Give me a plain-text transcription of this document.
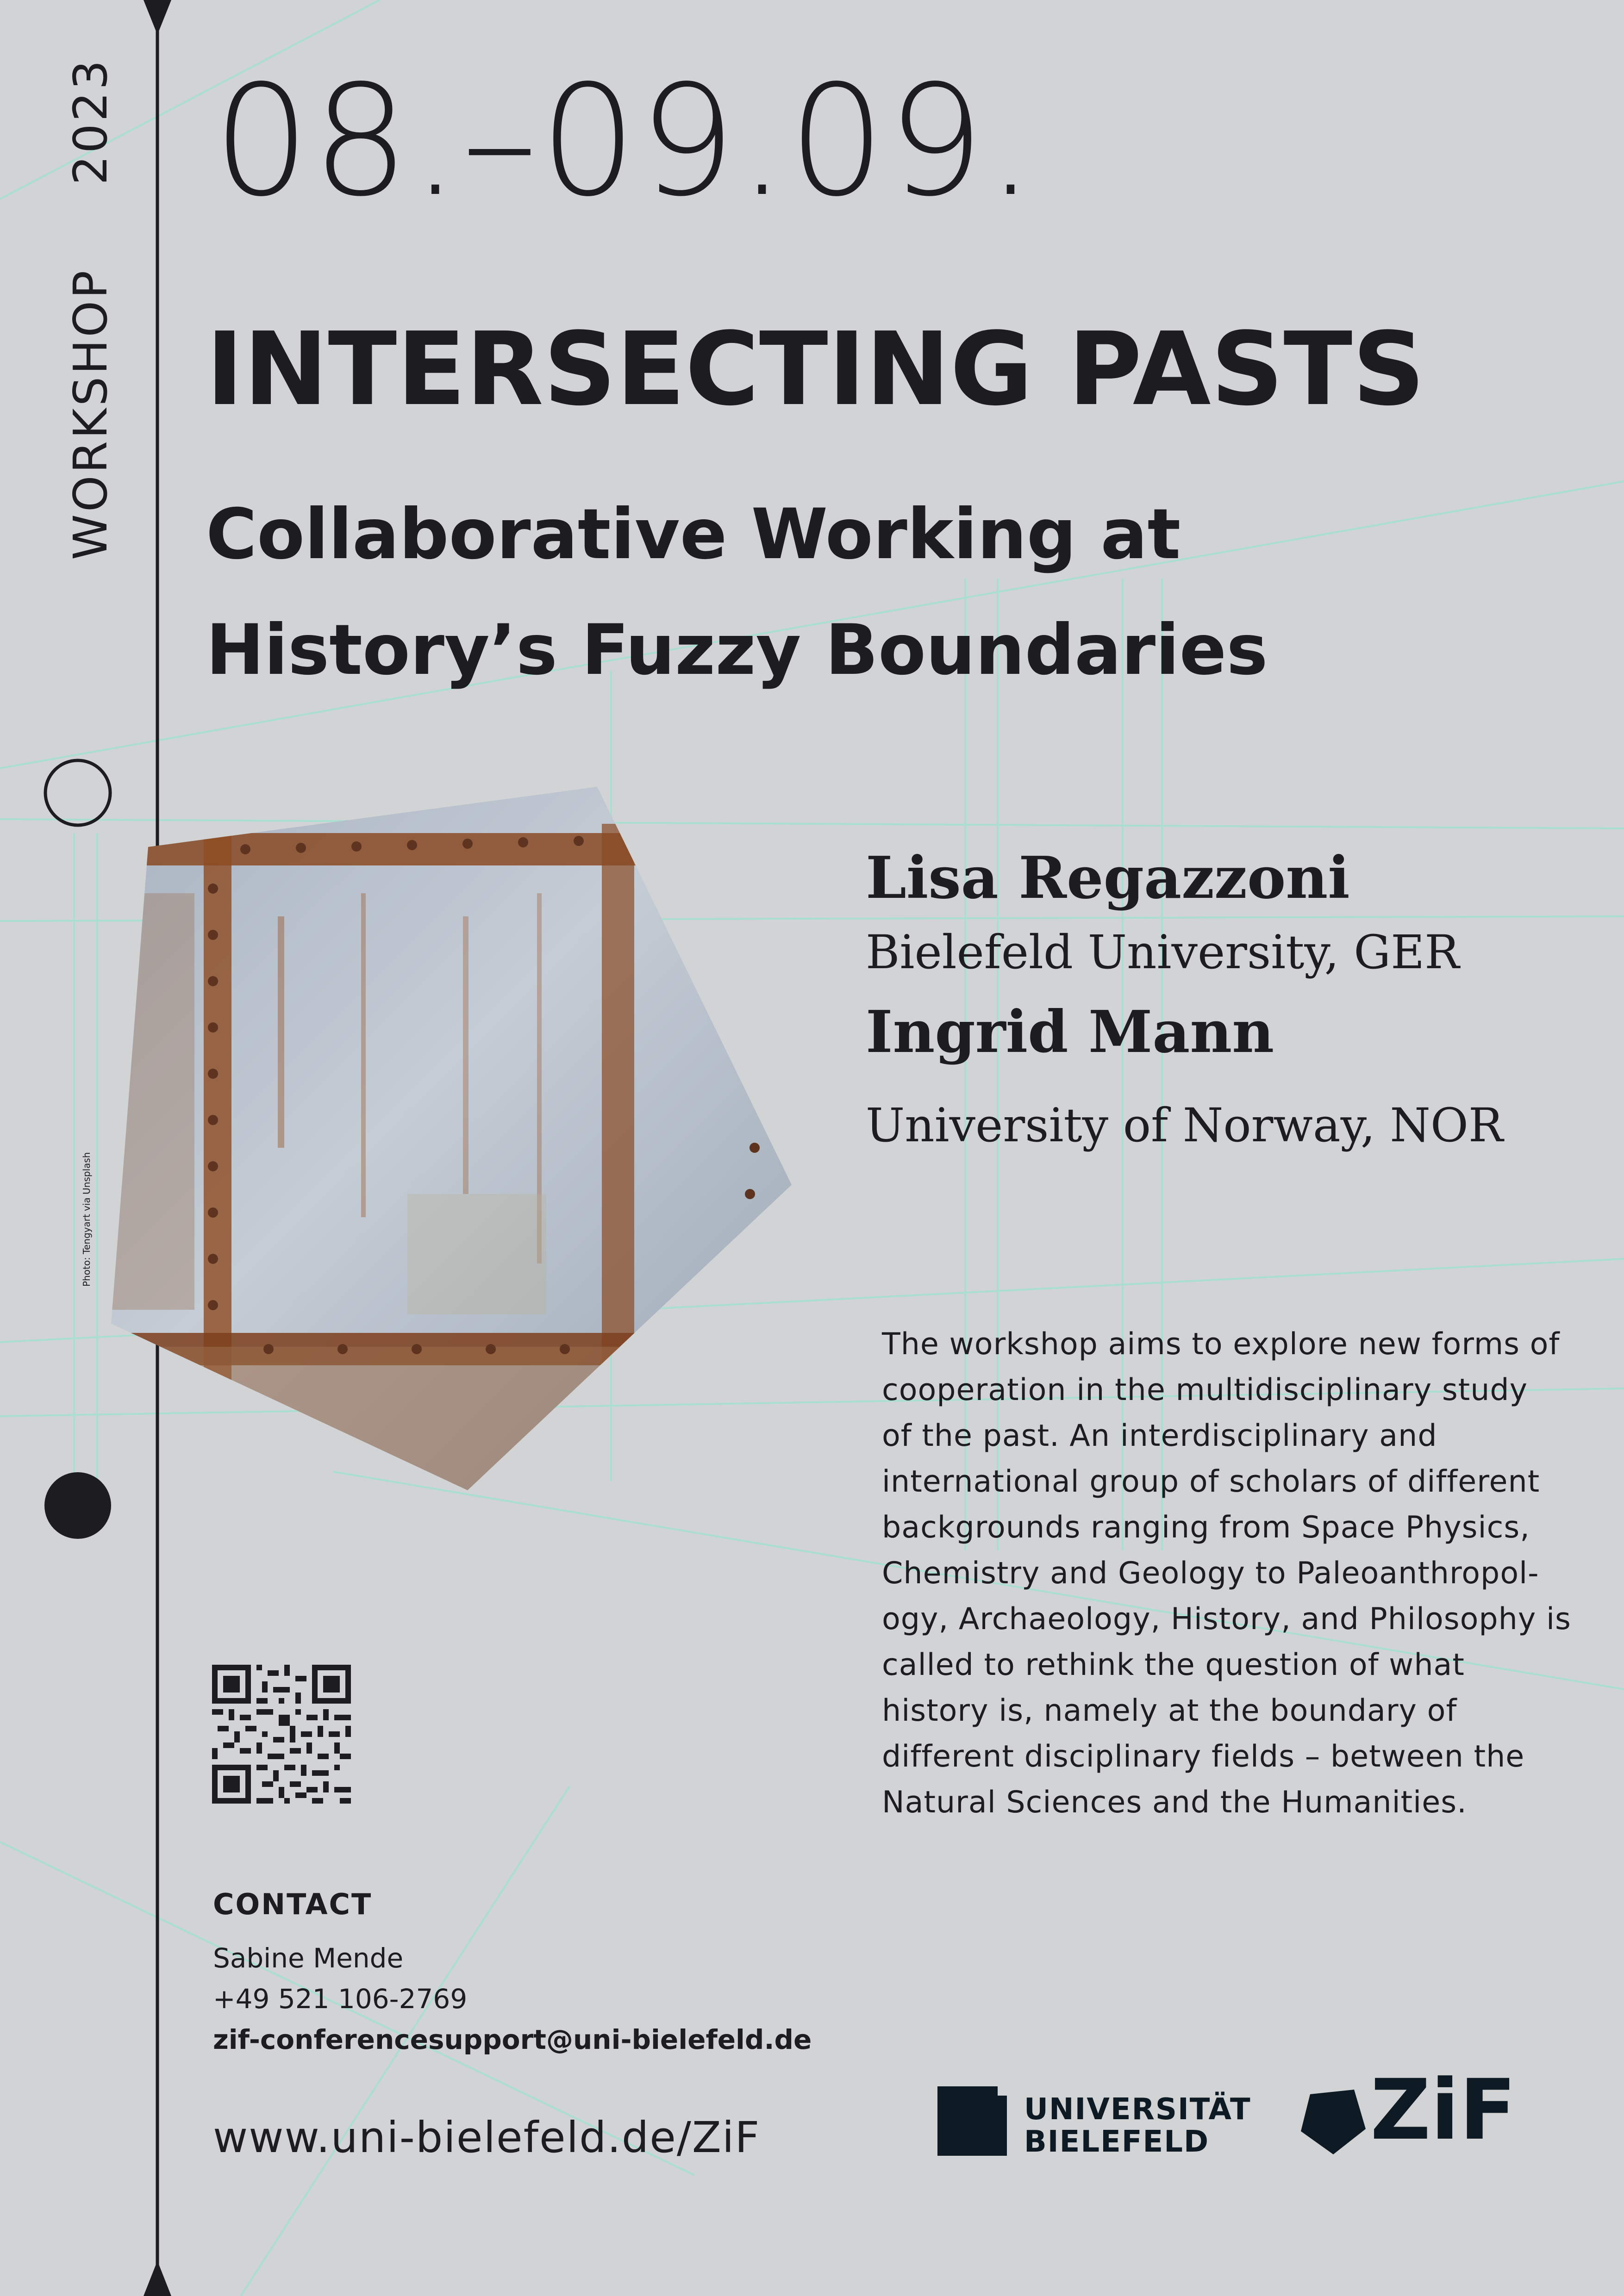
WORKSHOP
2023 08.–09.09.
INTERSECTING PASTS
Collaborative Working at
History’s Fuzzy Boundaries
Photo: Tengyart via Unsplash
Lisa Regazzoni
Bielefeld University, GER
Ingrid Mann
University of Norway, NOR
The workshop aims to explore new forms of
cooperation in the multidisciplinary study
of the past. An interdisciplinary and
international group of scholars of different
backgrounds ranging from Space Physics,
Chemistry and Geology to Paleoanthropol-
ogy, Archaeology, History, and Philosophy is
called to rethink the question of what
history is, namely at the boundary of
different disciplinary fields – between the
Natural Sciences and the Humanities.
CONTACT
Sabine Mende
+49 521 106-2769
zif-conferencesupport@uni-bielefeld.de
www.uni-bielefeld.de/ZiF
UNIVERSITÄT
BIELEFELD	ZiF
